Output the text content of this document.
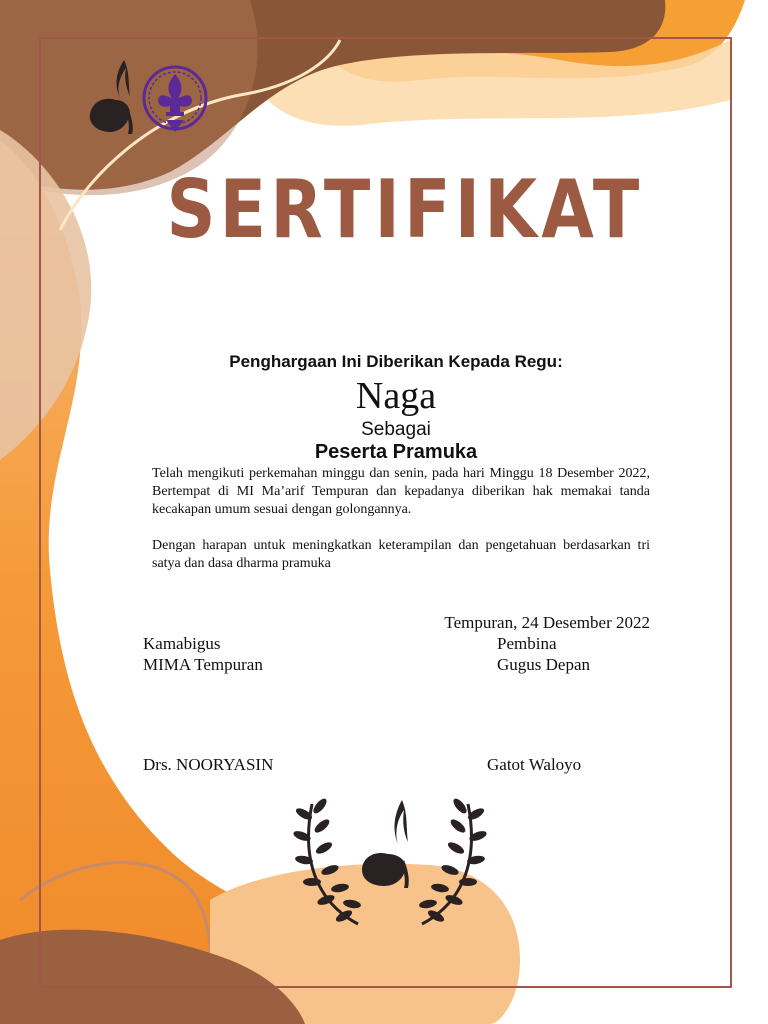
SERTIFIKAT
Penghargaan Ini Diberikan Kepada Regu:
Naga
Sebagai
Peserta Pramuka
Telah mengikuti perkemahan minggu dan senin, pada hari Minggu 18 Desember 2022, Bertempat di MI Ma’arif Tempuran dan kepadanya diberikan hak memakai tanda kecakapan umum sesuai dengan golongannya.
Dengan harapan untuk meningkatkan keterampilan dan pengetahuan berdasarkan tri satya dan dasa dharma pramuka
Tempuran, 24 Desember 2022
Kamabigus
MIMA Tempuran
Pembina
Gugus Depan
Drs. NOORYASIN	Gatot Waloyo
